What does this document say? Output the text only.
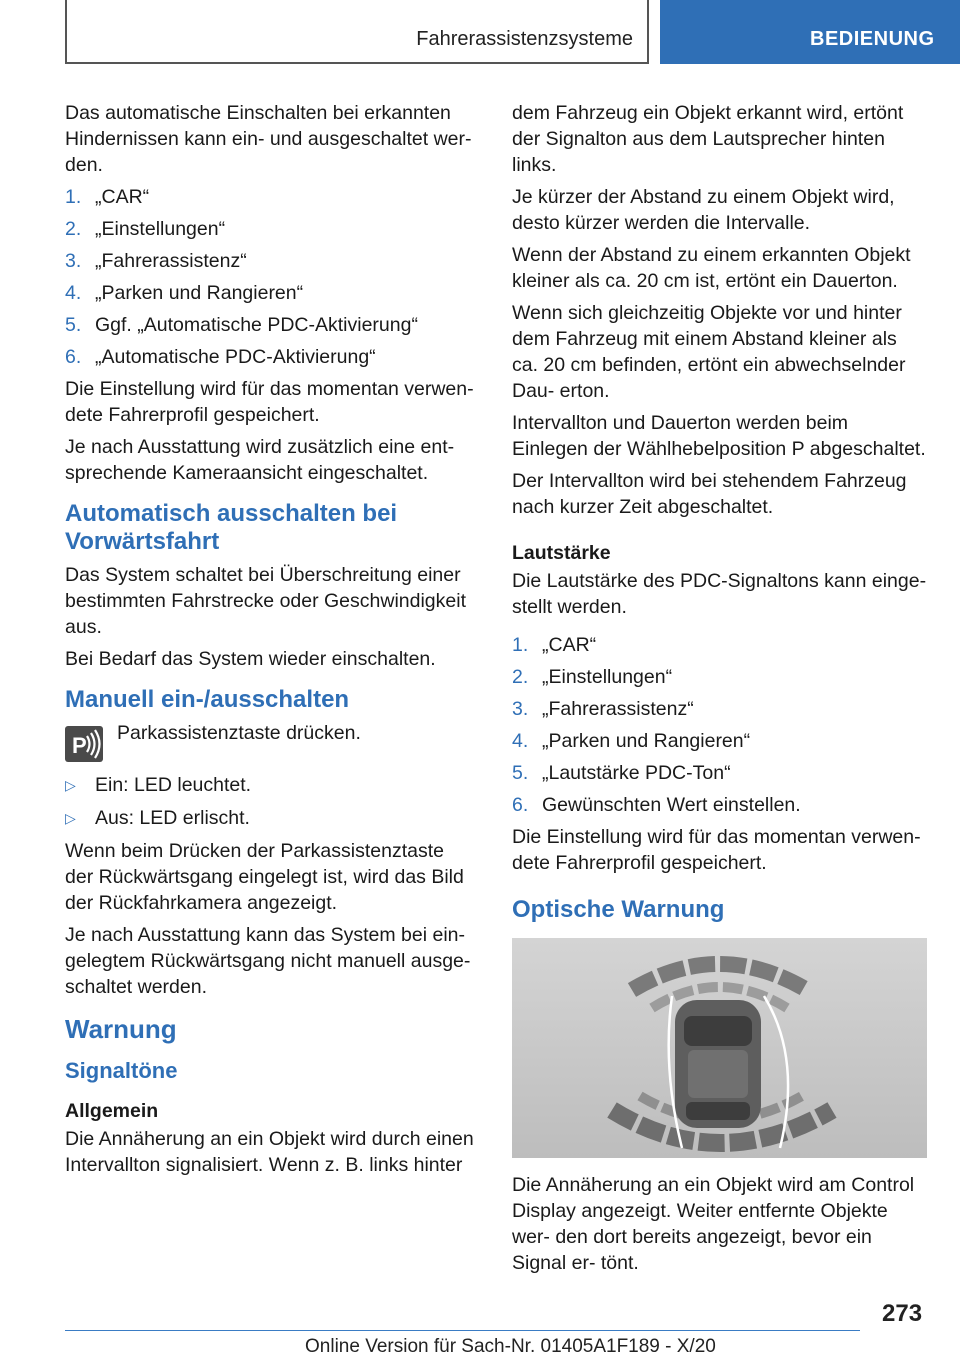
Fahrerassistenzsysteme	BEDIENUNG

Das automatische Einschalten bei erkannten Hindernissen kann ein- und ausgeschaltet wer- den.

1. „CAR“
2. „Einstellungen“
3. „Fahrerassistenz“
4. „Parken und Rangieren“
5. Ggf. „Automatische PDC-Aktivierung“
6. „Automatische PDC-Aktivierung“

Die Einstellung wird für das momentan verwen- dete Fahrerprofil gespeichert.

Je nach Ausstattung wird zusätzlich eine ent- sprechende Kameraansicht eingeschaltet.

Automatisch ausschalten bei Vorwärtsfahrt

Das System schaltet bei Überschreitung einer bestimmten Fahrstrecke oder Geschwindigkeit aus.

Bei Bedarf das System wieder einschalten.

Manuell ein-/ausschalten
P	Parkassistenztaste drücken.
▷ Ein: LED leuchtet.
▷ Aus: LED erlischt.

Wenn beim Drücken der Parkassistenztaste der Rückwärtsgang eingelegt ist, wird das Bild der Rückfahrkamera angezeigt.

Je nach Ausstattung kann das System bei ein- gelegtem Rückwärtsgang nicht manuell ausge- schaltet werden.

Warnung
Signaltöne
Allgemein

Die Annäherung an ein Objekt wird durch einen Intervallton signalisiert. Wenn z. B. links hinter

dem Fahrzeug ein Objekt erkannt wird, ertönt der Signalton aus dem Lautsprecher hinten links.

Je kürzer der Abstand zu einem Objekt wird, desto kürzer werden die Intervalle.

Wenn der Abstand zu einem erkannten Objekt kleiner als ca. 20 cm ist, ertönt ein Dauerton.

Wenn sich gleichzeitig Objekte vor und hinter dem Fahrzeug mit einem Abstand kleiner als ca. 20 cm befinden, ertönt ein abwechselnder Dau- erton.

Intervallton und Dauerton werden beim Einlegen der Wählhebelposition P abgeschaltet.

Der Intervallton wird bei stehendem Fahrzeug nach kurzer Zeit abgeschaltet.

Lautstärke

Die Lautstärke des PDC-Signaltons kann einge- stellt werden.

1. „CAR“
2. „Einstellungen“
3. „Fahrerassistenz“
4. „Parken und Rangieren“
5. „Lautstärke PDC-Ton“
6. Gewünschten Wert einstellen.

Die Einstellung wird für das momentan verwen- dete Fahrerprofil gespeichert.

Optische Warnung

Die Annäherung an ein Objekt wird am Control Display angezeigt. Weiter entfernte Objekte wer- den dort bereits angezeigt, bevor ein Signal er- tönt.

273
Online Version für Sach-Nr. 01405A1F189 - X/20
